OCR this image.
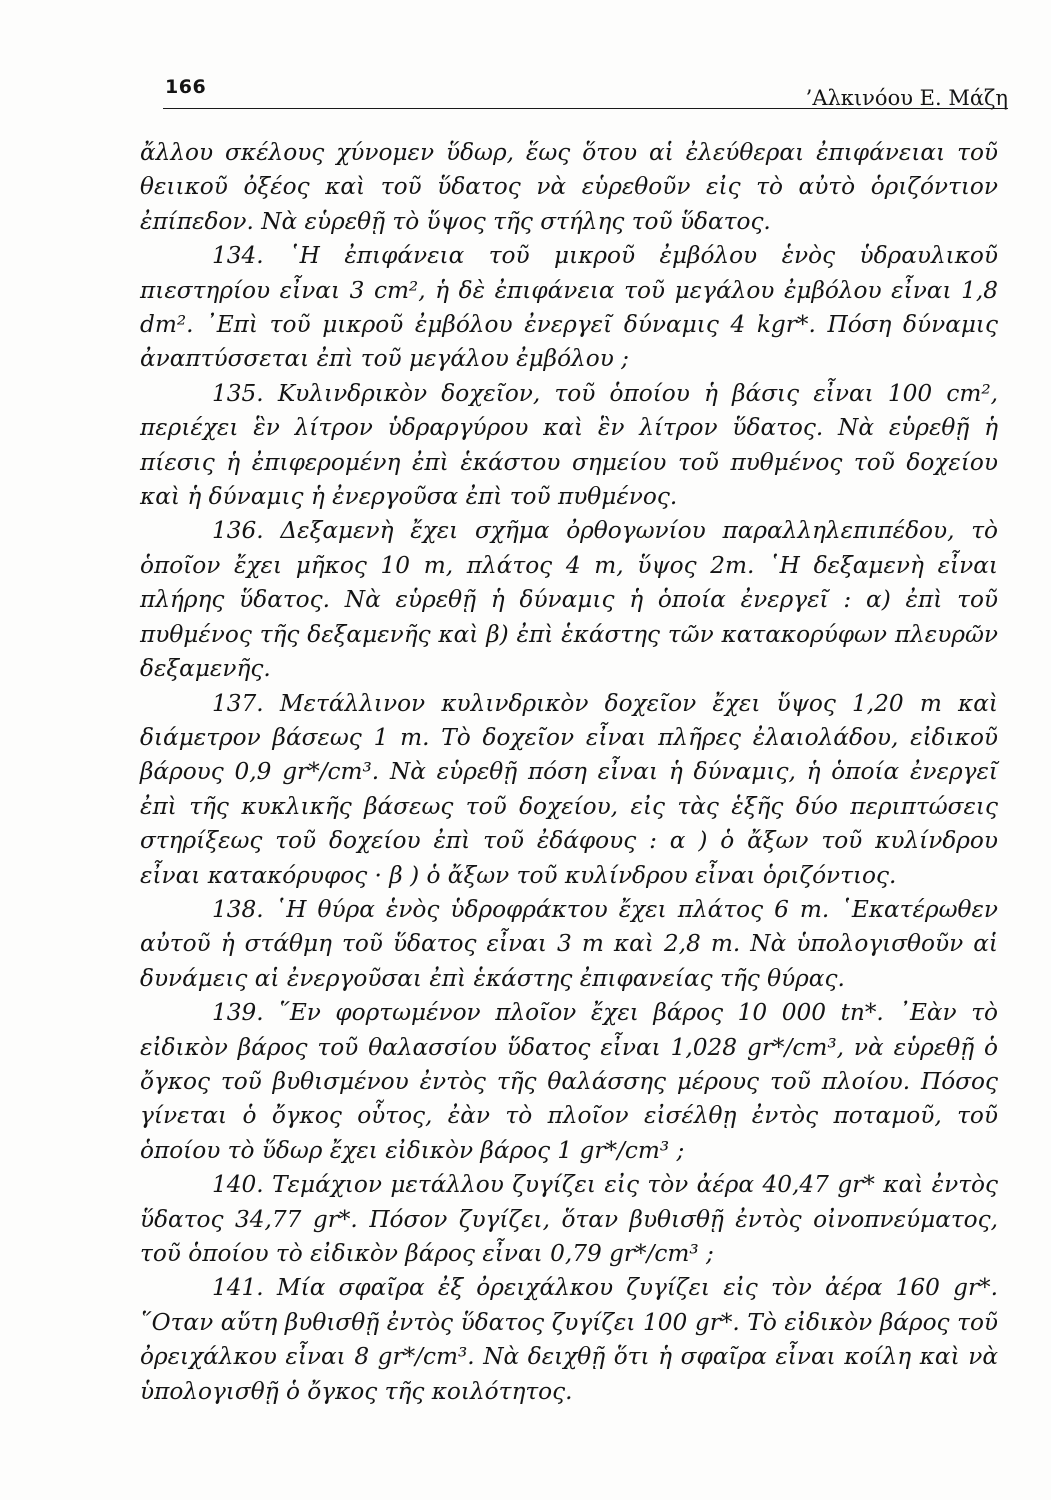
166	’Αλκινόου Ε. Μάζη

ἄλλου σκέλους χύνομεν ὕδωρ, ἕως ὅτου αἱ ἐλεύθεραι ἐπιφάνειαι τοῦ θειικοῦ ὀξέος καὶ τοῦ ὕδατος νὰ εὑρεθοῦν εἰς τὸ αὐτὸ ὁριζόντιον ἐπίπεδον. Νὰ εὑρεθῇ τὸ ὕψος τῆς στήλης τοῦ ὕδατος.

134. ῾Η ἐπιφάνεια τοῦ μικροῦ ἐμβόλου ἑνὸς ὑδραυλικοῦ πιεστηρίου εἶναι 3 cm², ἡ δὲ ἐπιφάνεια τοῦ μεγάλου ἐμβόλου εἶναι 1,8 dm². ᾿Επὶ τοῦ μικροῦ ἐμβόλου ἐνεργεῖ δύναμις 4 kgr*. Πόση δύναμις ἀναπτύσσεται ἐπὶ τοῦ μεγάλου ἐμβόλου ;

135. Κυλινδρικὸν δοχεῖον, τοῦ ὁποίου ἡ βάσις εἶναι 100 cm², περιέχει ἓν λίτρον ὑδραργύρου καὶ ἓν λίτρον ὕδατος. Νὰ εὑρεθῇ ἡ πίεσις ἡ ἐπιφερομένη ἐπὶ ἑκάστου σημείου τοῦ πυθμένος τοῦ δοχείου καὶ ἡ δύναμις ἡ ἐνεργοῦσα ἐπὶ τοῦ πυθμένος.

136. Δεξαμενὴ ἔχει σχῆμα ὀρθογωνίου παραλληλεπιπέδου, τὸ ὁποῖον ἔχει μῆκος 10 m, πλάτος 4 m, ὕψος 2m. ῾Η δεξαμενὴ εἶναι πλήρης ὕδατος. Νὰ εὑρεθῇ ἡ δύναμις ἡ ὁποία ἐνεργεῖ : α) ἐπὶ τοῦ πυθμένος τῆς δεξαμενῆς καὶ β) ἐπὶ ἑκάστης τῶν κατακορύφων πλευρῶν δεξαμενῆς.

137. Μετάλλινον κυλινδρικὸν δοχεῖον ἔχει ὕψος 1,20 m καὶ διάμετρον βάσεως 1 m. Τὸ δοχεῖον εἶναι πλῆρες ἐλαιολάδου, εἰδικοῦ βάρους 0,9 gr*/cm³. Νὰ εὑρεθῇ πόση εἶναι ἡ δύναμις, ἡ ὁποία ἐνεργεῖ ἐπὶ τῆς κυκλικῆς βάσεως τοῦ δοχείου, εἰς τὰς ἑξῆς δύο περιπτώσεις στηρίξεως τοῦ δοχείου ἐπὶ τοῦ ἐδάφους : α ) ὁ ἄξων τοῦ κυλίνδρου εἶναι κατακόρυφος · β ) ὁ ἄξων τοῦ κυλίνδρου εἶναι ὁριζόντιος.

138. ῾Η θύρα ἑνὸς ὑδροφράκτου ἔχει πλάτος 6 m. ῾Εκατέρωθεν αὐτοῦ ἡ στάθμη τοῦ ὕδατος εἶναι 3 m καὶ 2,8 m. Νὰ ὑπολογισθοῦν αἱ δυνάμεις αἱ ἐνεργοῦσαι ἐπὶ ἑκάστης ἐπιφανείας τῆς θύρας.

139. ῞Εν φορτωμένον πλοῖον ἔχει βάρος 10 000 tn*. ᾿Εὰν τὸ εἰδικὸν βάρος τοῦ θαλασσίου ὕδατος εἶναι 1,028 gr*/cm³, νὰ εὑρεθῇ ὁ ὄγκος τοῦ βυθισμένου ἐντὸς τῆς θαλάσσης μέρους τοῦ πλοίου. Πόσος γίνεται ὁ ὄγκος οὗτος, ἐὰν τὸ πλοῖον εἰσέλθῃ ἐντὸς ποταμοῦ, τοῦ ὁποίου τὸ ὕδωρ ἔχει εἰδικὸν βάρος 1 gr*/cm³ ;

140. Τεμάχιον μετάλλου ζυγίζει εἰς τὸν ἀέρα 40,47 gr* καὶ ἐντὸς ὕδατος 34,77 gr*. Πόσον ζυγίζει, ὅταν βυθισθῇ ἐντὸς οἰνοπνεύματος, τοῦ ὁποίου τὸ εἰδικὸν βάρος εἶναι 0,79 gr*/cm³ ;

141. Μία σφαῖρα ἐξ ὀρειχάλκου ζυγίζει εἰς τὸν ἀέρα 160 gr*. ῞Οταν αὕτη βυθισθῇ ἐντὸς ὕδατος ζυγίζει 100 gr*. Τὸ εἰδικὸν βάρος τοῦ ὀρειχάλκου εἶναι 8 gr*/cm³. Νὰ δειχθῇ ὅτι ἡ σφαῖρα εἶναι κοίλη καὶ νὰ ὑπολογισθῇ ὁ ὄγκος τῆς κοιλότητος.
